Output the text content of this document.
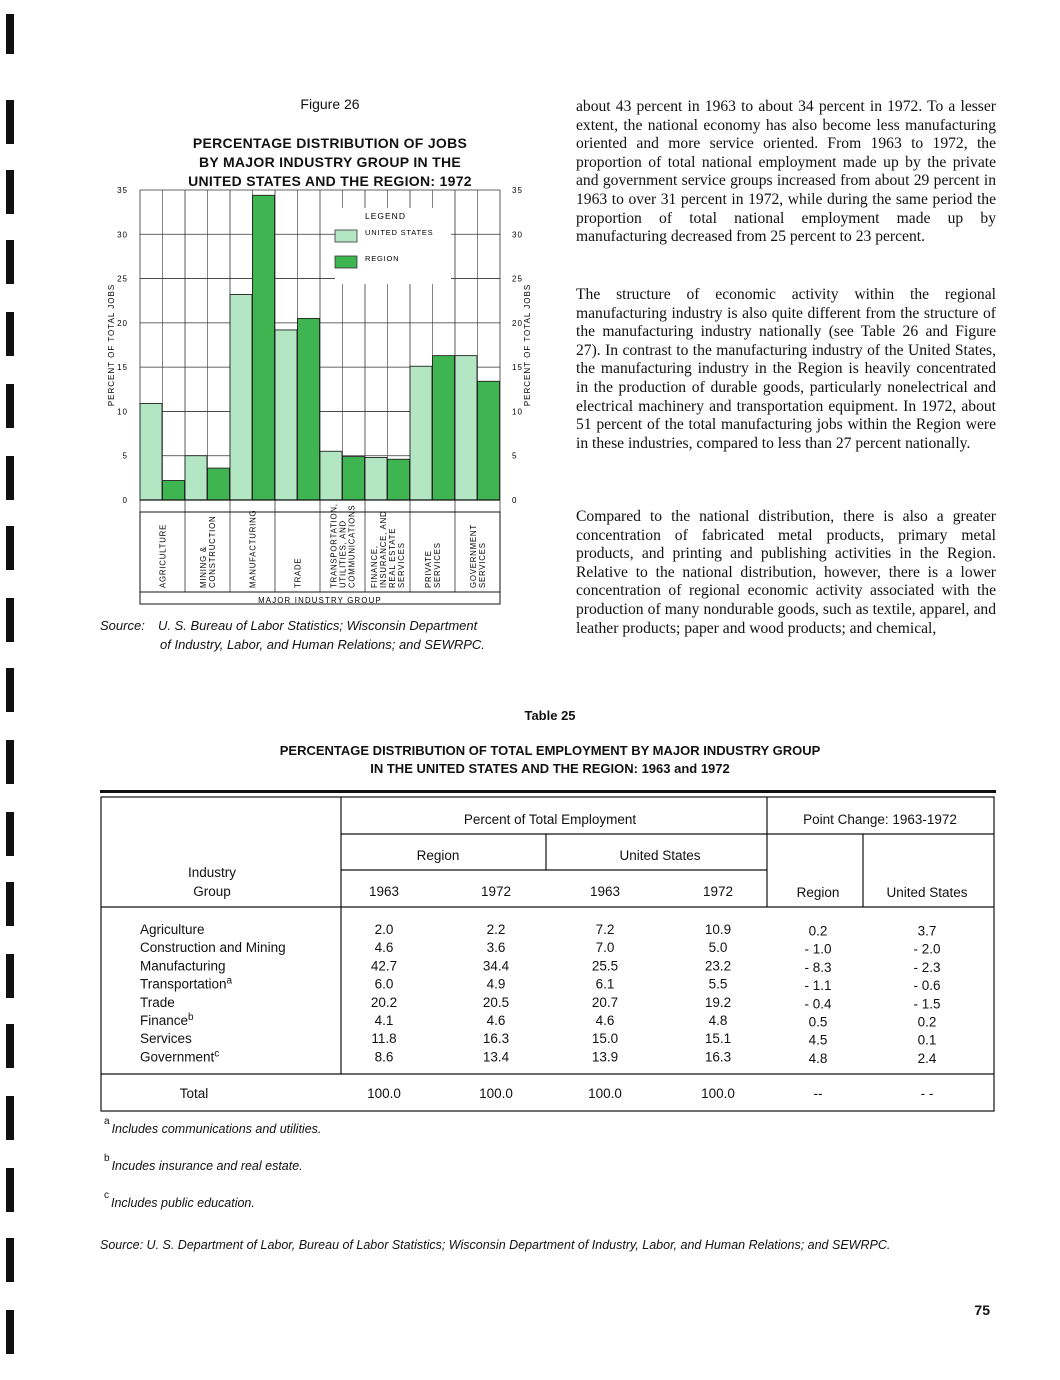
Figure 26
PERCENTAGE DISTRIBUTION OF JOBS
BY MAJOR INDUSTRY GROUP IN THE
UNITED STATES AND THE REGION: 1972
0	0
5	5
10	10
15	15
20	20
25	25
30	30
35	35
LEGEND
UNITED STATES
REGION
AGRICULTURE	MINING & CONSTRUCTION	MANUFACTURING	TRADE	TRANSPORTATION, UTILITIES, AND COMMUNICATIONS FINANCE, INSURANCE, AND REAL ESTATE SERVICES PRIVATE SERVICES	GOVERNMENT SERVICES
MAJOR INDUSTRY GROUP
PERCENT OF TOTAL JOBS	PERCENT OF TOTAL JOBS
Source: U. S. Bureau of Labor Statistics; Wisconsin Department
of Industry, Labor, and Human Relations; and SEWRPC.
about 43 percent in 1963 to about 34 percent in 1972. To a lesser extent, the national economy has also become less manufacturing oriented and more service oriented. From 1963 to 1972, the proportion of total national employment made up by the private and government service groups increased from about 29 percent in 1963 to over 31 percent in 1972, while during the same period the proportion of total national employment made up by manufacturing decreased from 25 percent to 23 percent.
The structure of economic activity within the regional manufacturing industry is also quite different from the structure of the manufacturing industry nationally (see Table 26 and Figure 27). In contrast to the manufacturing industry of the United States, the manufacturing industry in the Region is heavily concentrated in the production of durable goods, particularly nonelectrical and electrical machinery and transportation equipment. In 1972, about 51 percent of the total manufacturing jobs within the Region were in these industries, compared to less than 27 percent nationally.
Compared to the national distribution, there is also a greater concentration of fabricated metal products, primary metal products, and printing and publishing activities in the Region. Relative to the national distribution, however, there is a lower concentration of regional economic activity associated with the production of many nondurable goods, such as textile, apparel, and leather products; paper and wood products; and chemical,
Table 25
PERCENTAGE DISTRIBUTION OF TOTAL EMPLOYMENT BY MAJOR INDUSTRY GROUP
IN THE UNITED STATES AND THE REGION: 1963 and 1972
Percent of Total Employment	Point Change: 1963-1972
Region	United States
Industry
Group	1963	1972	1963	1972	Region	United States
Agriculture	2.0	2.2	7.2	10.9	0.2	3.7
Construction and Mining	4.6	3.6	7.0	5.0	- 1.0	- 2.0
Manufacturing	42.7	34.4	25.5	23.2	- 8.3	- 2.3
Transportation$^a$	6.0	4.9	6.1	5.5	- 1.1	- 0.6
Trade	20.2	20.5	20.7	19.2	- 0.4	- 1.5
Finance$^b$	4.1	4.6	4.6	4.8	0.5	0.2
Services	11.8	16.3	15.0	15.1	4.5	0.1
Government$^c$	8.6	13.4	13.9	16.3	4.8	2.4
Total	100.0	100.0	100.0	100.0	--	- -
$^a$Includes communications and utilities.
$^b$Incudes insurance and real estate.
$^c$Includes public education.
Source: U. S. Department of Labor, Bureau of Labor Statistics; Wisconsin Department of Industry, Labor, and Human Relations; and SEWRPC.
75
